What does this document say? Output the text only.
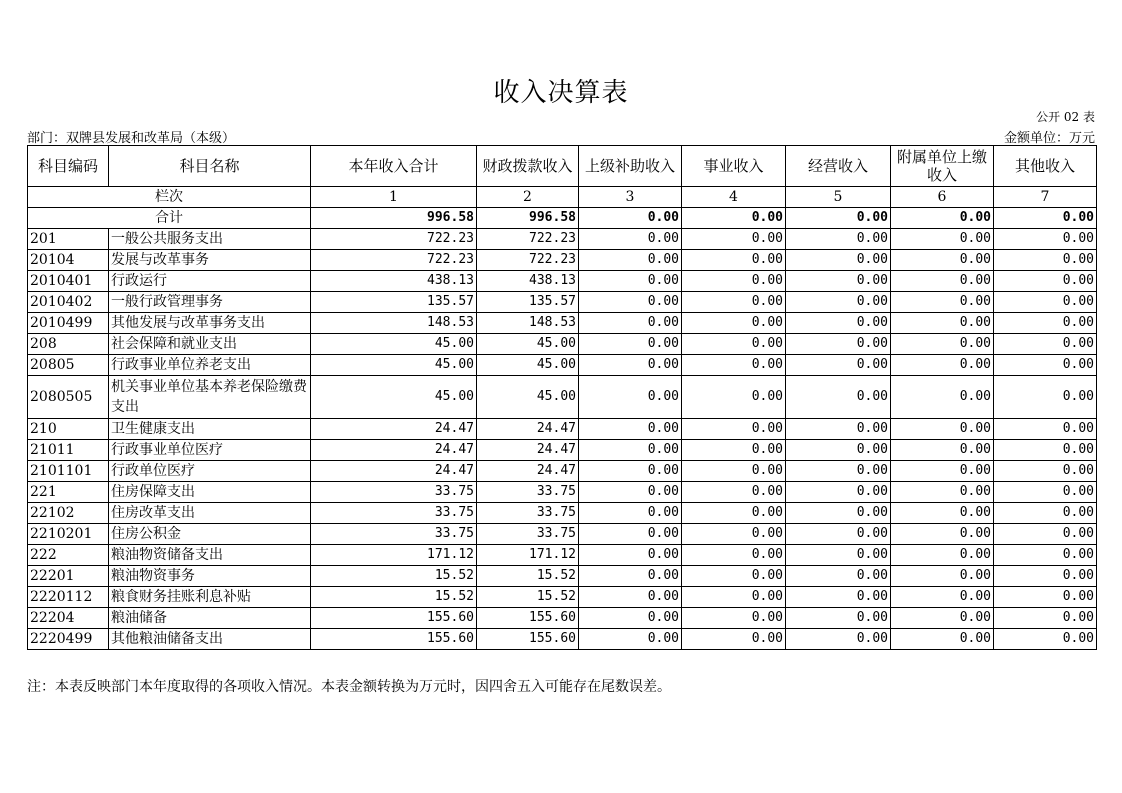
收入决算表
公开 02 表
部门：双牌县发展和改革局（本级）	金额单位：万元
科目编码	科目名称	本年收入合计	财政拨款收入	上级补助收入	事业收入	经营收入	附属单位上缴收入	其他收入
栏次		1	2	3	4	5	6	7
合计		996.58	996.58	0.00	0.00	0.00	0.00	0.00
201	一般公共服务支出	722.23	722.23	0.00	0.00	0.00	0.00	0.00
20104	发展与改革事务	722.23	722.23	0.00	0.00	0.00	0.00	0.00
2010401	行政运行	438.13	438.13	0.00	0.00	0.00	0.00	0.00
2010402	一般行政管理事务	135.57	135.57	0.00	0.00	0.00	0.00	0.00
2010499	其他发展与改革事务支出	148.53	148.53	0.00	0.00	0.00	0.00	0.00
208	社会保障和就业支出	45.00	45.00	0.00	0.00	0.00	0.00	0.00
20805	行政事业单位养老支出	45.00	45.00	0.00	0.00	0.00	0.00	0.00
2080505	机关事业单位基本养老保险缴费支出	45.00	45.00	0.00	0.00	0.00	0.00	0.00
210	卫生健康支出	24.47	24.47	0.00	0.00	0.00	0.00	0.00
21011	行政事业单位医疗	24.47	24.47	0.00	0.00	0.00	0.00	0.00
2101101	行政单位医疗	24.47	24.47	0.00	0.00	0.00	0.00	0.00
221	住房保障支出	33.75	33.75	0.00	0.00	0.00	0.00	0.00
22102	住房改革支出	33.75	33.75	0.00	0.00	0.00	0.00	0.00
2210201	住房公积金	33.75	33.75	0.00	0.00	0.00	0.00	0.00
222	粮油物资储备支出	171.12	171.12	0.00	0.00	0.00	0.00	0.00
22201	粮油物资事务	15.52	15.52	0.00	0.00	0.00	0.00	0.00
2220112	粮食财务挂账利息补贴	15.52	15.52	0.00	0.00	0.00	0.00	0.00
22204	粮油储备	155.60	155.60	0.00	0.00	0.00	0.00	0.00
2220499	其他粮油储备支出	155.60	155.60	0.00	0.00	0.00	0.00	0.00
注：本表反映部门本年度取得的各项收入情况。本表金额转换为万元时，因四舍五入可能存在尾数误差。
